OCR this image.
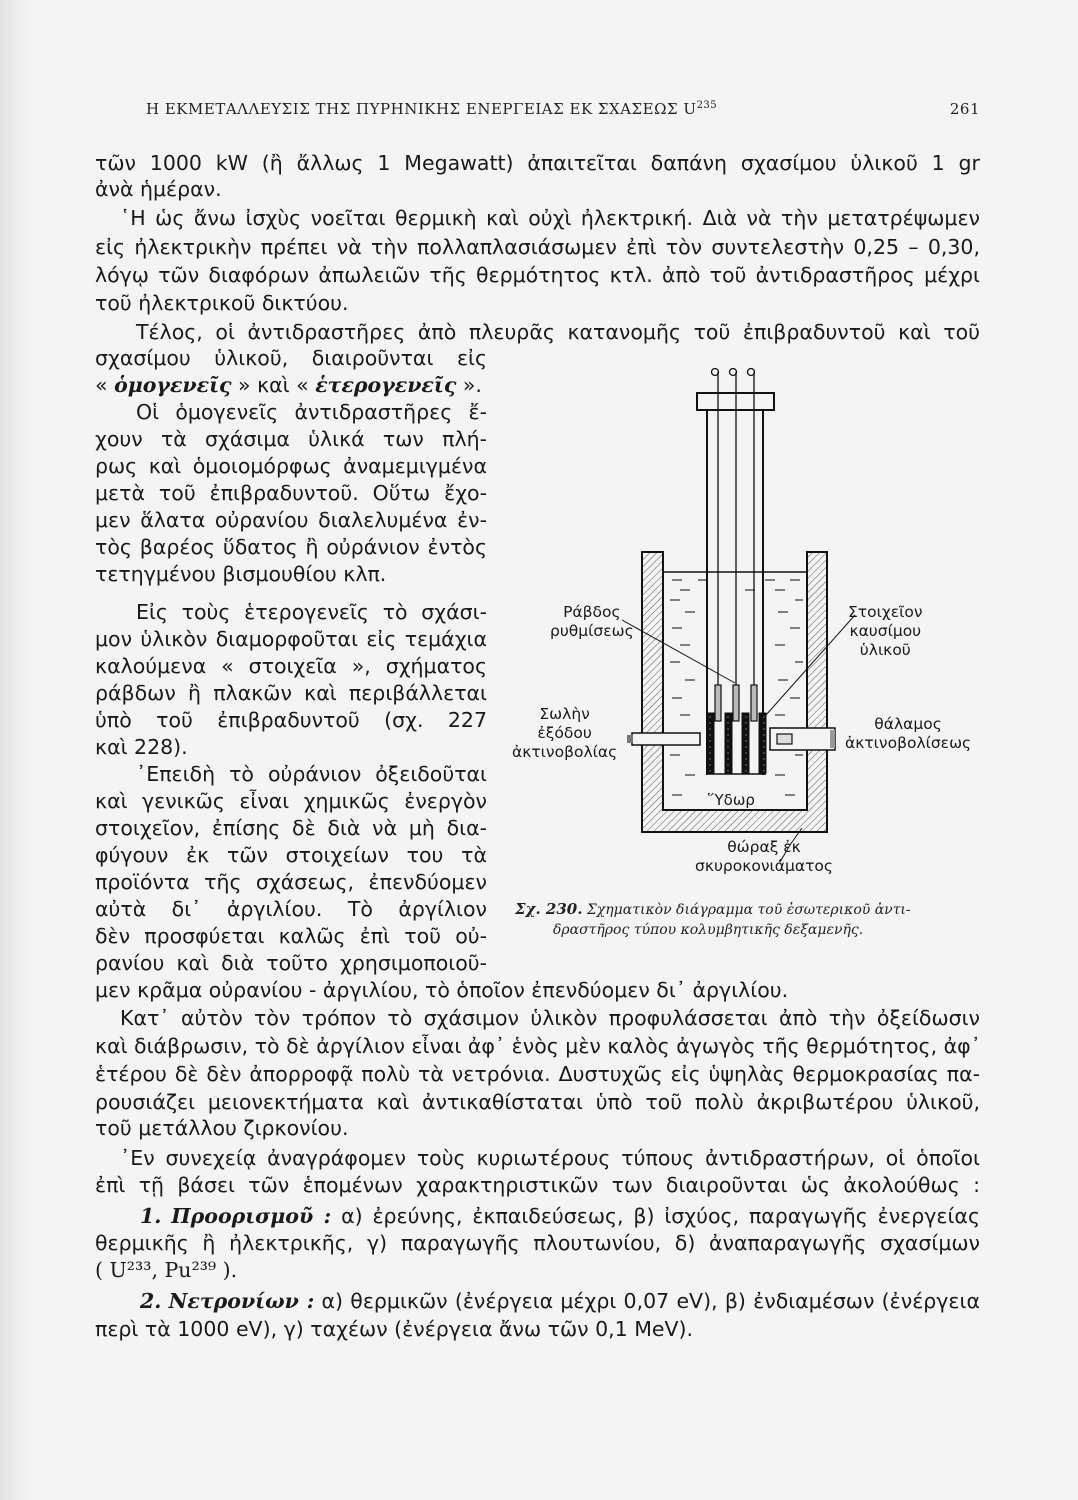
Η ΕΚΜΕΤΑΛΛΕΥΣΙΣ ΤΗΣ ΠΥΡΗΝΙΚΗΣ ΕΝΕΡΓΕΙΑΣ ΕΚ ΣΧΑΣΕΩΣ $U^{235}$	261
τῶν 1000 kW (ἢ ἄλλως 1 Megawatt) ἀπαιτεῖται δαπάνη σχασίμου ὑλικοῦ 1 gr
ἀνὰ ἡμέραν.
῾Η ὡς ἄνω ἰσχὺς νοεῖται θερμικὴ καὶ οὐχὶ ἠλεκτρική. Διὰ νὰ τὴν μετατρέψωμεν
εἰς ἠλεκτρικὴν πρέπει νὰ τὴν πολλαπλασιάσωμεν ἐπὶ τὸν συντελεστὴν 0,25 – 0,30,
λόγῳ τῶν διαφόρων ἀπωλειῶν τῆς θερμότητος κτλ. ἀπὸ τοῦ ἀντιδραστῆρος μέχρι
τοῦ ἠλεκτρικοῦ δικτύου.
Τέλος, οἱ ἀντιδραστῆρες ἀπὸ πλευρᾶς κατανομῆς τοῦ ἐπιβραδυντοῦ καὶ τοῦ
σχασίμου ὑλικοῦ, διαιροῦνται εἰς
« ὁμογενεῖς » καὶ « ἑτερογενεῖς ».
Οἱ ὁμογενεῖς ἀντιδραστῆρες ἔ-
χουν τὰ σχάσιμα ὑλικά των πλή-
ρως καὶ ὁμοιομόρφως ἀναμεμιγμένα
μετὰ τοῦ ἐπιβραδυντοῦ. Οὕτω ἔχο-
μεν ἅλατα οὐρανίου διαλελυμένα ἐν-
τὸς βαρέος ὕδατος ἢ οὐράνιον ἐντὸς
τετηγμένου βισμουθίου κλπ.
Εἰς τοὺς ἑτερογενεῖς τὸ σχάσι-
μον ὑλικὸν διαμορφοῦται εἰς τεμάχια
καλούμενα « στοιχεῖα », σχήματος
ράβδων ἢ πλακῶν καὶ περιβάλλεται
ὑπὸ τοῦ ἐπιβραδυντοῦ (σχ. 227
καὶ 228).
᾿Επειδὴ τὸ οὐράνιον ὀξειδοῦται
καὶ γενικῶς εἶναι χημικῶς ἐνεργὸν
στοιχεῖον, ἐπίσης δὲ διὰ νὰ μὴ δια-
φύγουν ἐκ τῶν στοιχείων του τὰ
προϊόντα τῆς σχάσεως, ἐπενδύομεν
αὐτὰ δι᾿ ἀργιλίου. Τὸ ἀργίλιον
δὲν προσφύεται καλῶς ἐπὶ τοῦ οὐ-
ρανίου καὶ διὰ τοῦτο χρησιμοποιοῦ-
μεν κρᾶμα οὐρανίου - ἀργιλίου, τὸ ὁποῖον ἐπενδύομεν δι᾿ ἀργιλίου.
Κατ᾿ αὐτὸν τὸν τρόπον τὸ σχάσιμον ὑλικὸν προφυλάσσεται ἀπὸ τὴν ὀξείδωσιν
καὶ διάβρωσιν, τὸ δὲ ἀργίλιον εἶναι ἀφ᾿ ἑνὸς μὲν καλὸς ἀγωγὸς τῆς θερμότητος, ἀφ᾿
ἑτέρου δὲ δὲν ἀπορροφᾷ πολὺ τὰ νετρόνια. Δυστυχῶς εἰς ὑψηλὰς θερμοκρασίας πα-
ρουσιάζει μειονεκτήματα καὶ ἀντικαθίσταται ὑπὸ τοῦ πολὺ ἀκριβωτέρου ὑλικοῦ,
τοῦ μετάλλου ζιρκονίου.
᾿Εν συνεχείᾳ ἀναγράφομεν τοὺς κυριωτέρους τύπους ἀντιδραστήρων, οἱ ὁποῖοι
ἐπὶ τῇ βάσει τῶν ἑπομένων χαρακτηριστικῶν των διαιροῦνται ὡς ἀκολούθως :
1. Προορισμοῦ : α) ἐρεύνης, ἐκπαιδεύσεως, β) ἰσχύος, παραγωγῆς ἐνεργείας
θερμικῆς ἢ ἠλεκτρικῆς, γ) παραγωγῆς πλουτωνίου, δ) ἀναπαραγωγῆς σχασίμων
( U²³³, Pu²³⁹ ).
2. Νετρονίων : α) θερμικῶν (ἐνέργεια μέχρι 0,07 eV), β) ἐνδιαμέσων (ἐνέργεια
περὶ τὰ 1000 eV), γ) ταχέων (ἐνέργεια ἄνω τῶν 0,1 MeV).
Ράβδος
ρυθμίσεως
Στοιχεῖον
καυσίμου
ὑλικοῦ
Σωλὴν
ἐξόδου
ἀκτινοβολίας
θάλαμος
ἀκτινοβολίσεως
῞Υδωρ
θώραξ ἐκ
σκυροκονιάματος
Σχ. 230. Σχηματικὸν διάγραμμα τοῦ ἐσωτερικοῦ ἀντι-
δραστῆρος τύπου κολυμβητικῆς δεξαμενῆς.
